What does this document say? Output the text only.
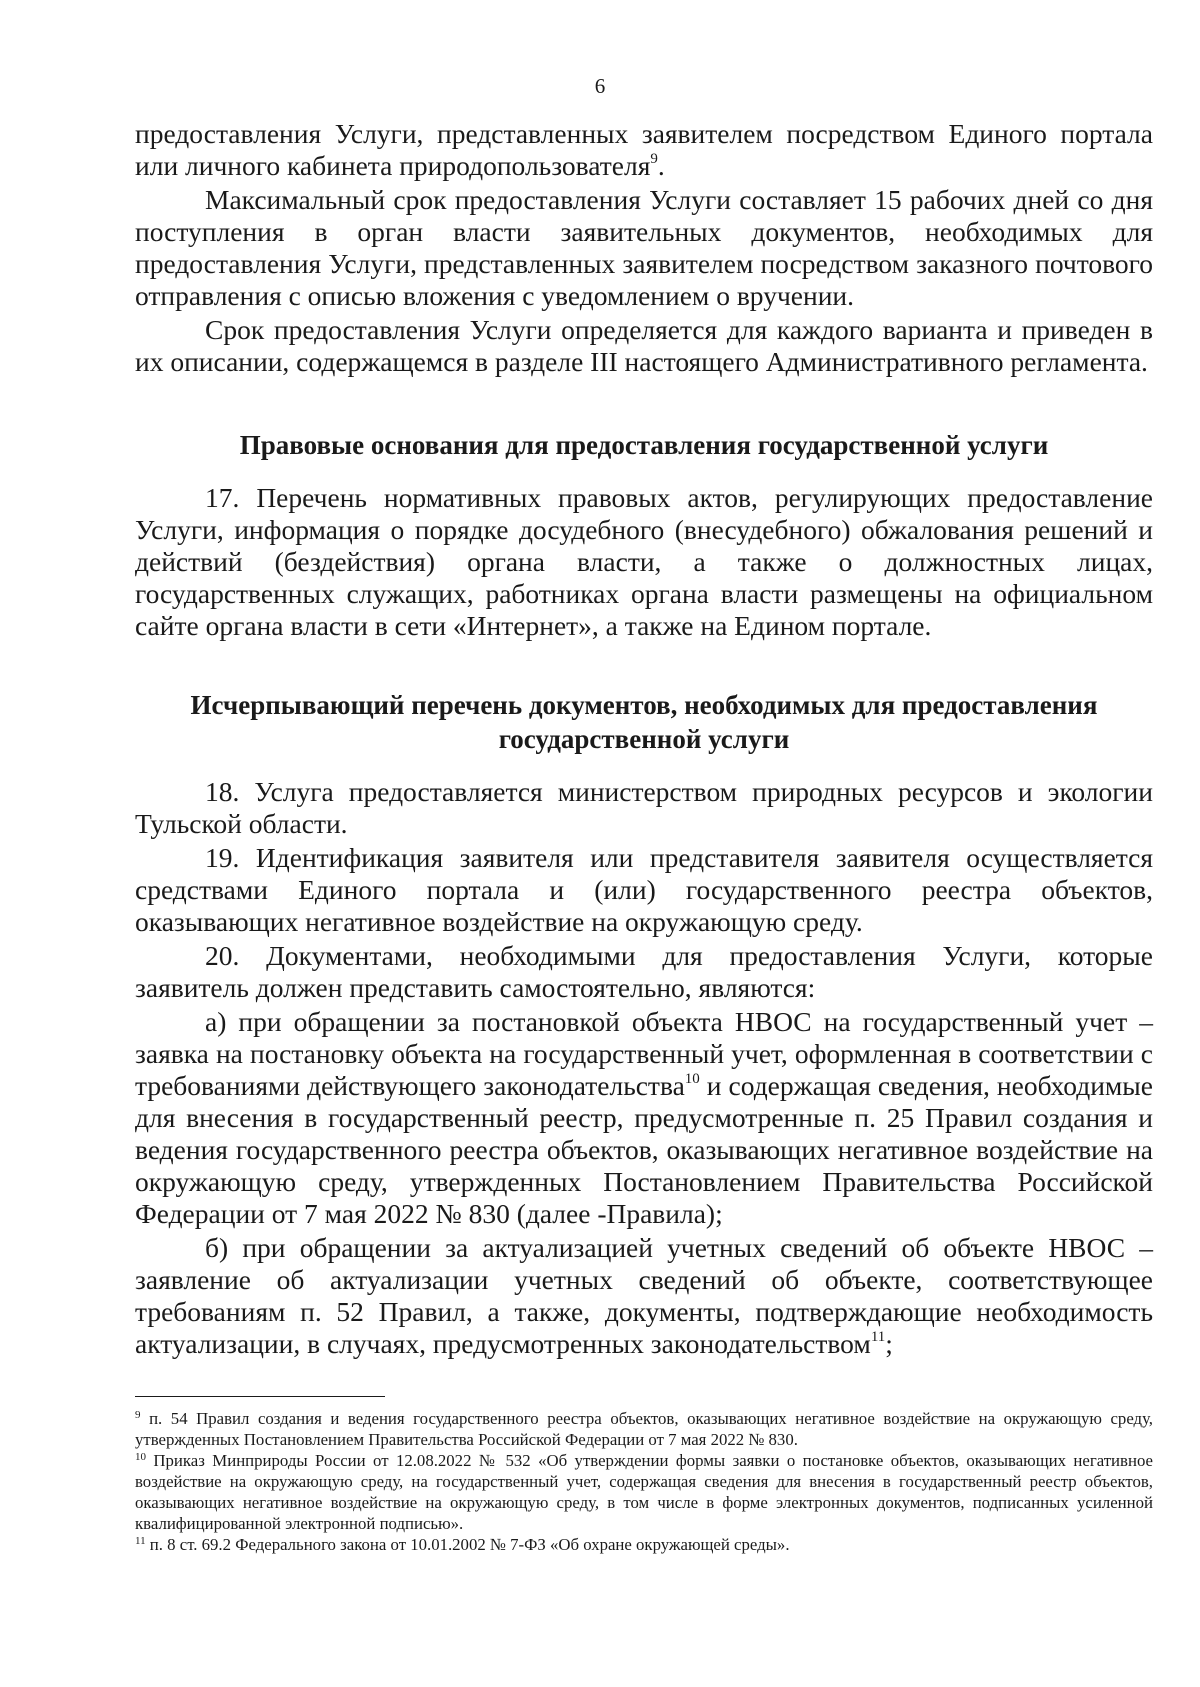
6

предоставления Услуги, представленных заявителем посредством Единого портала или личного кабинета природопользователя$^9$.

Максимальный срок предоставления Услуги составляет 15 рабочих дней со дня поступления в орган власти заявительных документов, необходимых для предоставления Услуги, представленных заявителем посредством заказного почтового отправления с описью вложения с уведомлением о вручении.

Срок предоставления Услуги определяется для каждого варианта и приведен в их описании, содержащемся в разделе III настоящего Административного регламента.

Правовые основания для предоставления государственной услуги

17. Перечень нормативных правовых актов, регулирующих предоставление Услуги, информация о порядке досудебного (внесудебного) обжалования решений и действий (бездействия) органа власти, а также о должностных лицах, государственных служащих, работниках органа власти размещены на официальном сайте органа власти в сети «Интернет», а также на Едином портале.

Исчерпывающий перечень документов, необходимых для предоставления государственной услуги

18. Услуга предоставляется министерством природных ресурсов и экологии Тульской области.

19. Идентификация заявителя или представителя заявителя осуществляется средствами Единого портала и (или) государственного реестра объектов, оказывающих негативное воздействие на окружающую среду.

20. Документами, необходимыми для предоставления Услуги, которые заявитель должен представить самостоятельно, являются:

а) при обращении за постановкой объекта НВОС на государственный учет – заявка на постановку объекта на государственный учет, оформленная в соответствии с требованиями действующего законодательства$^{10}$ и содержащая сведения, необходимые для внесения в государственный реестр, предусмотренные п. 25 Правил создания и ведения государственного реестра объектов, оказывающих негативное воздействие на окружающую среду, утвержденных Постановлением Правительства Российской Федерации от 7 мая 2022 № 830 (далее -Правила);

б) при обращении за актуализацией учетных сведений об объекте НВОС – заявление об актуализации учетных сведений об объекте, соответствующее требованиям п. 52 Правил, а также, документы, подтверждающие необходимость актуализации, в случаях, предусмотренных законодательством$^{11}$;

$^9$ п. 54 Правил создания и ведения государственного реестра объектов, оказывающих негативное воздействие на окружающую среду, утвержденных Постановлением Правительства Российской Федерации от 7 мая 2022 № 830.

$^{10}$ Приказ Минприроды России от 12.08.2022 № 532 «Об утверждении формы заявки о постановке объектов, оказывающих негативное воздействие на окружающую среду, на государственный учет, содержащая сведения для внесения в государственный реестр объектов, оказывающих негативное воздействие на окружающую среду, в том числе в форме электронных документов, подписанных усиленной квалифицированной электронной подписью».

$^{11}$ п. 8 ст. 69.2 Федерального закона от 10.01.2002 № 7-ФЗ «Об охране окружающей среды».
